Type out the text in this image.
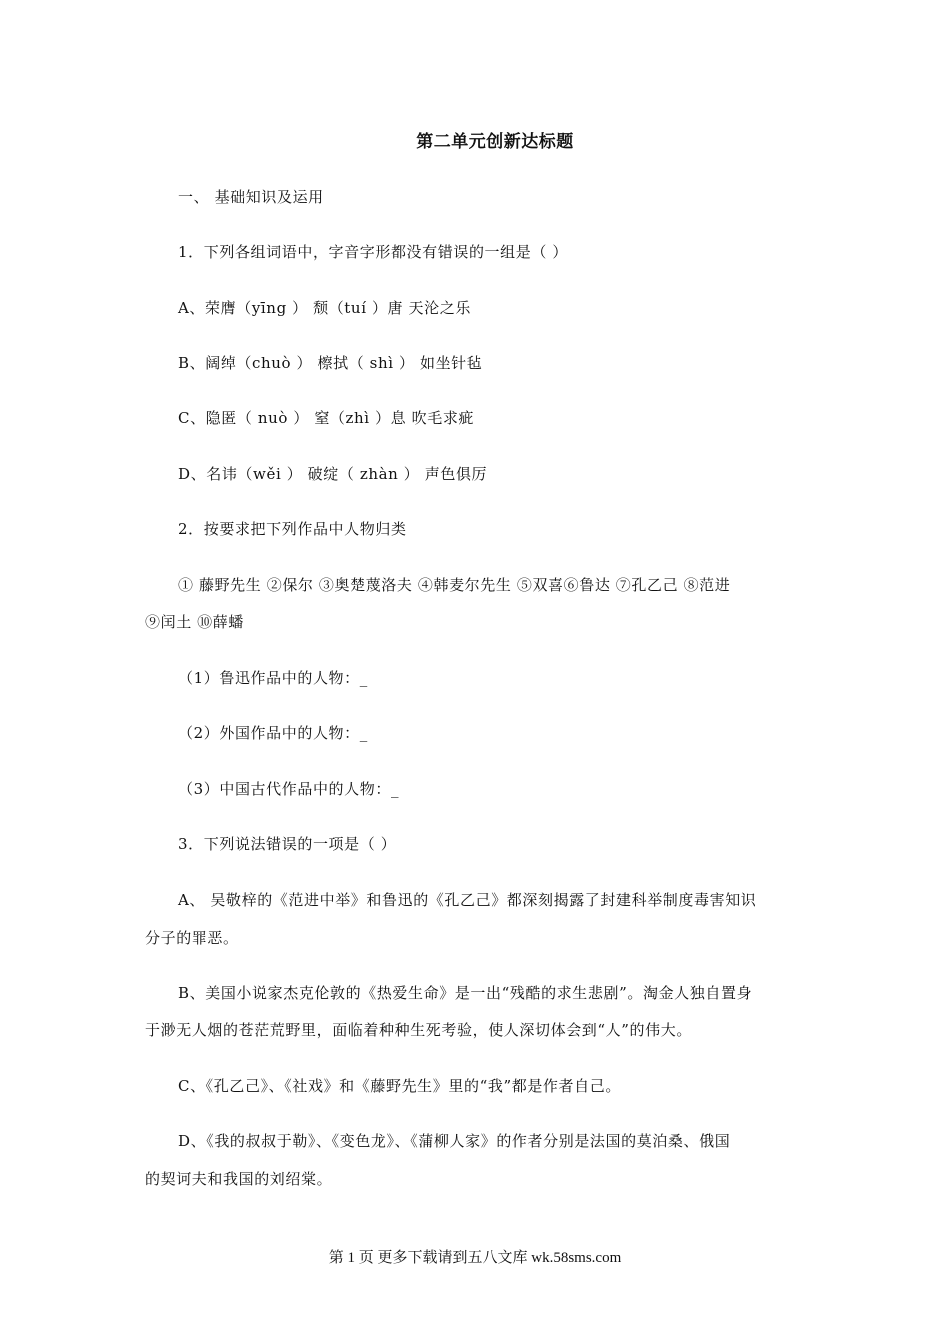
第二单元创新达标题
一、 基础知识及运用
1．下列各组词语中，字音字形都没有错误的一组是（ ）
A、荣膺（yīng ） 颓（tuí ）唐 天沦之乐
B、阔绰（chuò ） 檫拭（ shì ） 如坐针毡
C、隐匿（ nuò ） 窒（zhì ）息 吹毛求疵
D、名讳（wěi ） 破绽（ zhàn ） 声色俱厉
2．按要求把下列作品中人物归类
① 藤野先生 ②保尔 ③奥楚蔑洛夫 ④韩麦尔先生 ⑤双喜⑥鲁达 ⑦孔乙己 ⑧范进
⑨闰土 ⑩薛蟠
（1）鲁迅作品中的人物：_
（2）外国作品中的人物：_
（3）中国古代作品中的人物：_
3．下列说法错误的一项是（ ）
A、 吴敬梓的《范进中举》和鲁迅的《孔乙己》都深刻揭露了封建科举制度毒害知识
分子的罪恶。
B、美国小说家杰克伦敦的《热爱生命》是一出“残酷的求生悲剧”。淘金人独自置身
于渺无人烟的苍茫荒野里，面临着种种生死考验，使人深切体会到“人”的伟大。
C、《孔乙己》、《社戏》和《藤野先生》里的“我”都是作者自己。
D、《我的叔叔于勒》、《变色龙》、《蒲柳人家》的作者分别是法国的莫泊桑、俄国
的契诃夫和我国的刘绍棠。
第 1 页 更多下载请到五八文库 wk.58sms.com
